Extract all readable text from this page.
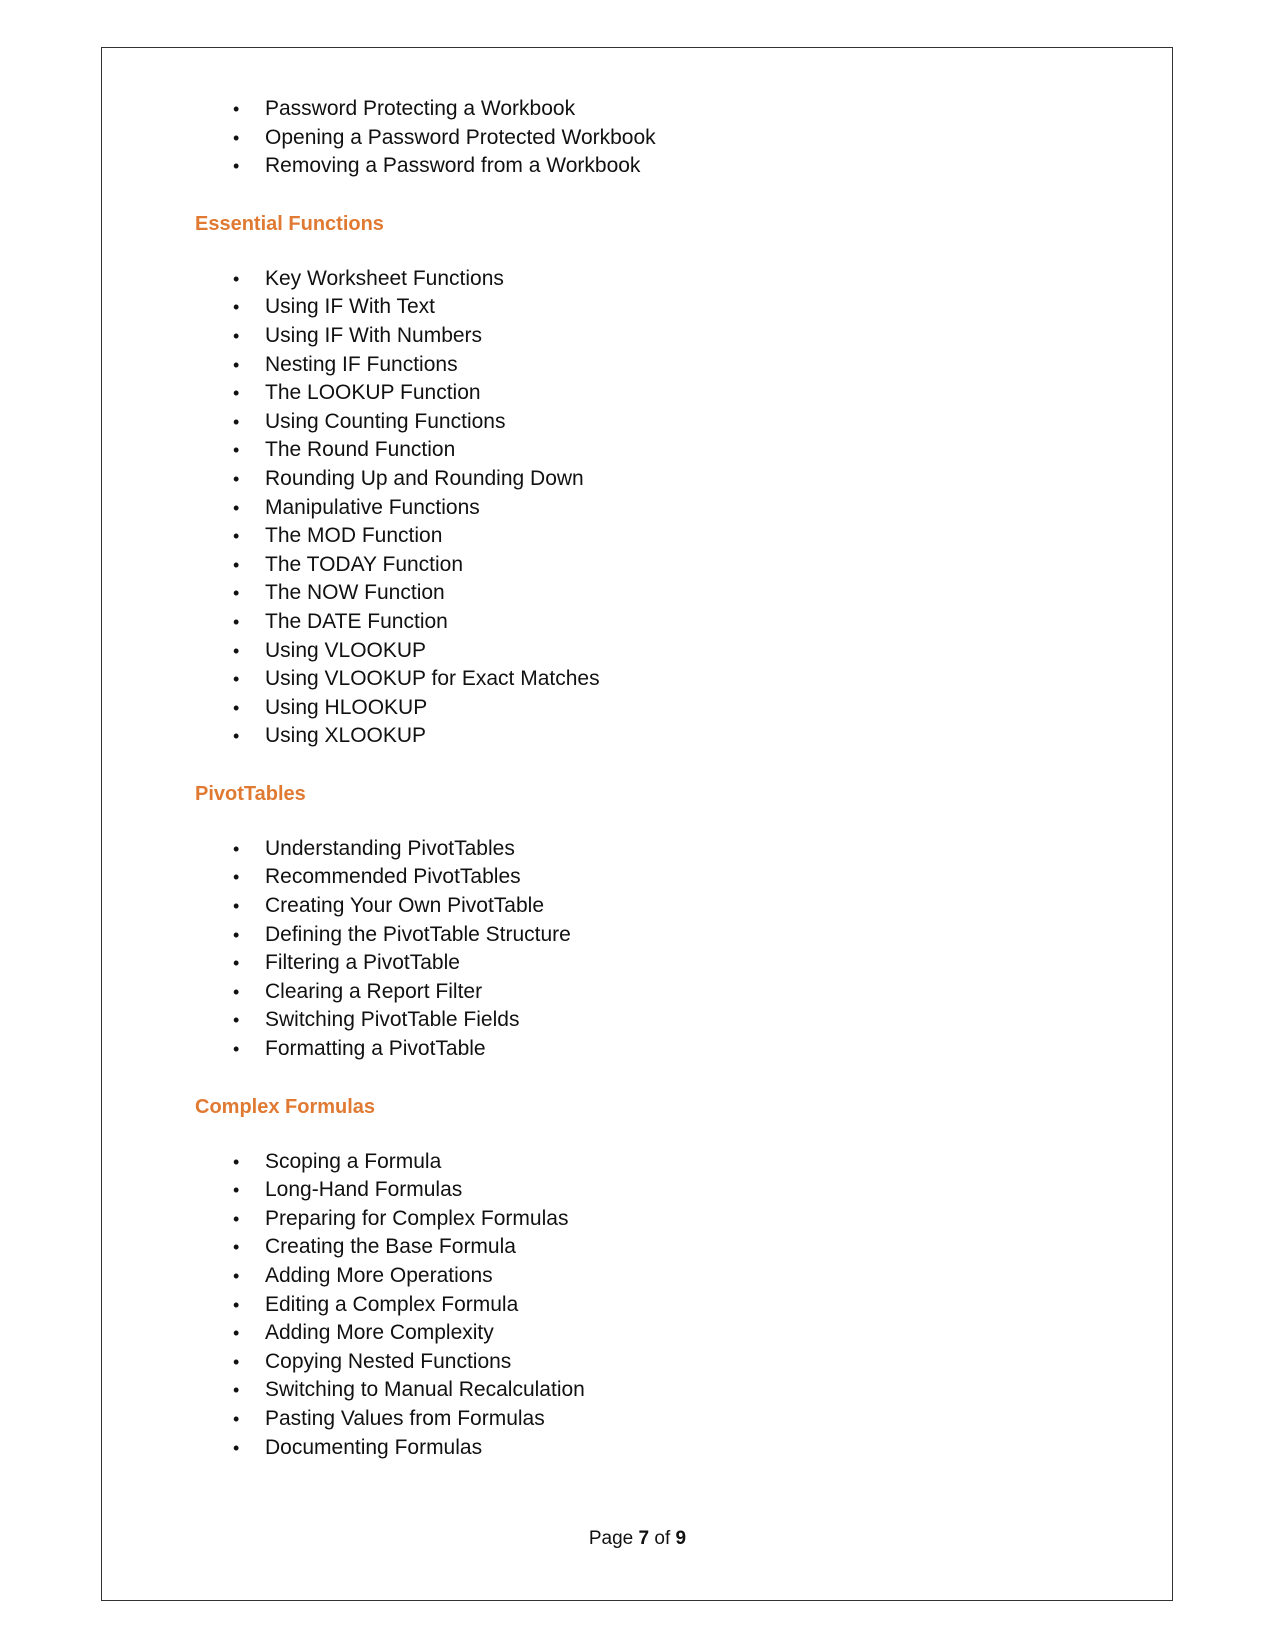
• Password Protecting a Workbook
• Opening a Password Protected Workbook
• Removing a Password from a Workbook
Essential Functions
• Key Worksheet Functions
• Using IF With Text
• Using IF With Numbers
• Nesting IF Functions
• The LOOKUP Function
• Using Counting Functions
• The Round Function
• Rounding Up and Rounding Down
• Manipulative Functions
• The MOD Function
• The TODAY Function
• The NOW Function
• The DATE Function
• Using VLOOKUP
• Using VLOOKUP for Exact Matches
• Using HLOOKUP
• Using XLOOKUP
PivotTables
• Understanding PivotTables
• Recommended PivotTables
• Creating Your Own PivotTable
• Defining the PivotTable Structure
• Filtering a PivotTable
• Clearing a Report Filter
• Switching PivotTable Fields
• Formatting a PivotTable
Complex Formulas
• Scoping a Formula
• Long-Hand Formulas
• Preparing for Complex Formulas
• Creating the Base Formula
• Adding More Operations
• Editing a Complex Formula
• Adding More Complexity
• Copying Nested Functions
• Switching to Manual Recalculation
• Pasting Values from Formulas
• Documenting Formulas
Page 7 of 9
